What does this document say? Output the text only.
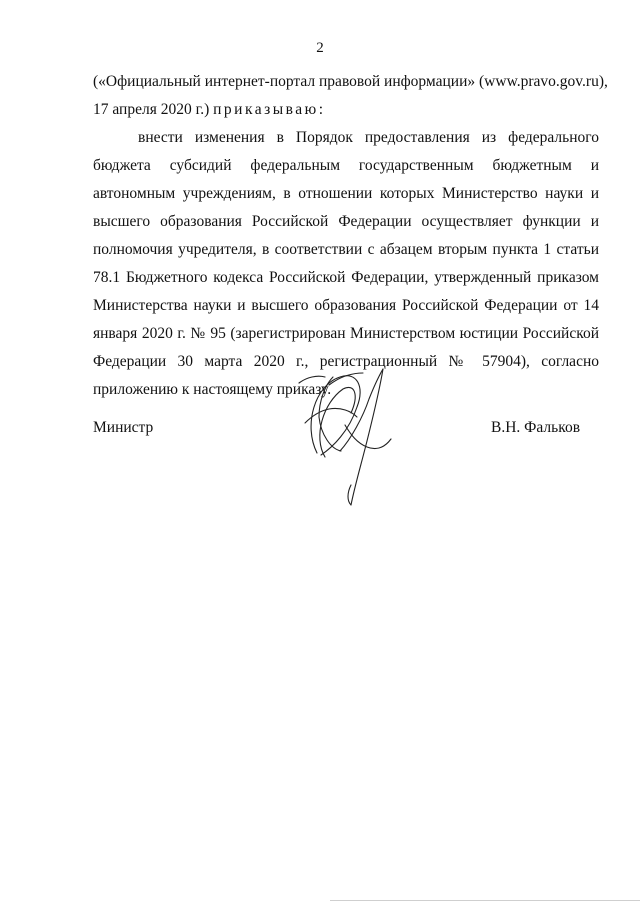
2
(«Официальный интернет-портал правовой информации» (www.pravo.gov.ru),
17 апреля 2020 г.) приказываю:

внести изменения в Порядок предоставления из федерального бюджета субсидий федеральным государственным бюджетным и автономным учреждениям, в отношении которых Министерство науки и высшего образования Российской Федерации осуществляет функции и полномочия учредителя, в соответствии с абзацем вторым пункта 1 статьи 78.1 Бюджетного кодекса Российской Федерации, утвержденный приказом Министерства науки и высшего образования Российской Федерации от 14 января 2020 г. № 95 (зарегистрирован Министерством юстиции Российской Федерации 30 марта 2020 г., регистрационный № 57904), согласно приложению к настоящему приказу.

Министр	В.Н. Фальков
